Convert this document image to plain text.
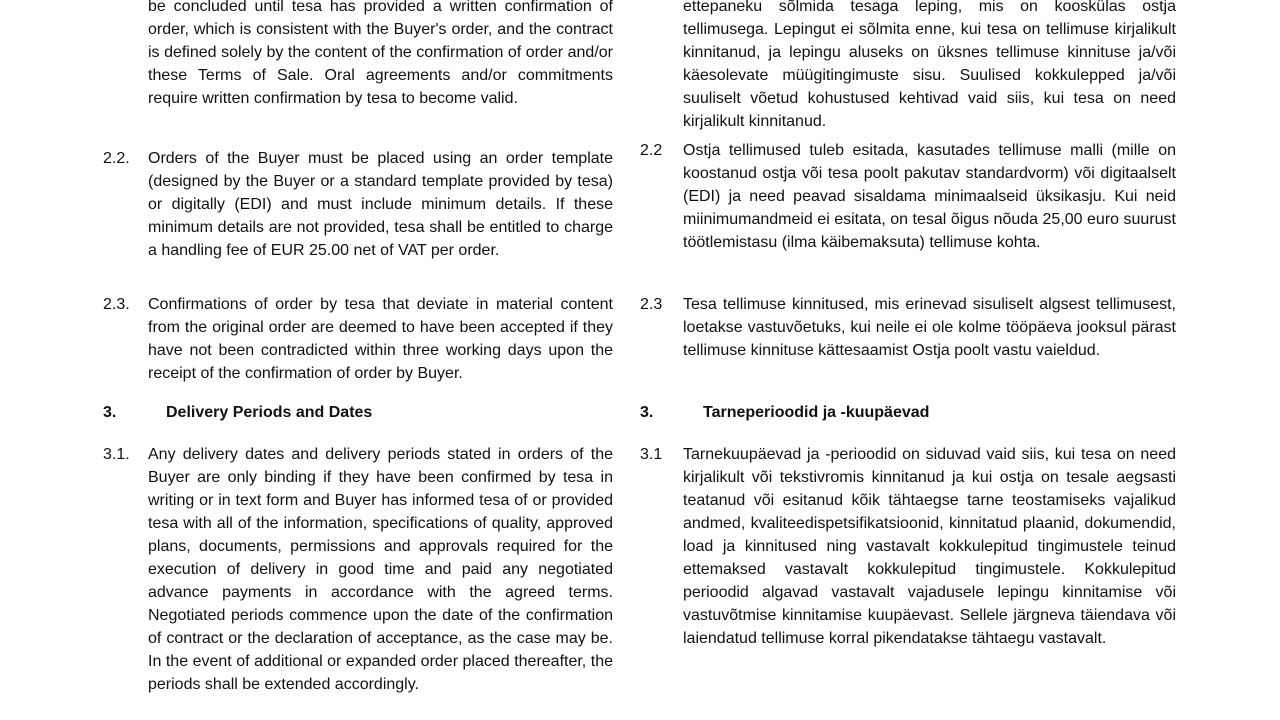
be concluded until tesa has provided a written confirmation of order, which is consistent with the Buyer's order, and the contract is defined solely by the content of the confirmation of order and/or these Terms of Sale. Oral agreements and/or commitments require written confirmation by tesa to become valid.
2.2.	Orders of the Buyer must be placed using an order template (designed by the Buyer or a standard template provided by tesa) or digitally (EDI) and must include minimum details. If these minimum details are not provided, tesa shall be entitled to charge a handling fee of EUR 25.00 net of VAT per order.
2.3.	Confirmations of order by tesa that deviate in material content from the original order are deemed to have been accepted if they have not been contradicted within three working days upon the receipt of the confirmation of order by Buyer.
3.	Delivery Periods and Dates
3.1.	Any delivery dates and delivery periods stated in orders of the Buyer are only binding if they have been confirmed by tesa in writing or in text form and Buyer has informed tesa of or provided tesa with all of the information, specifications of quality, approved plans, documents, permissions and approvals required for the execution of delivery in good time and paid any negotiated advance payments in accordance with the agreed terms. Negotiated periods commence upon the date of the confirmation of contract or the declaration of acceptance, as the case may be. In the event of additional or expanded order placed thereafter, the periods shall be extended accordingly.
ettepaneku sõlmida tesaga leping, mis on kooskülas ostja tellimusega. Lepingut ei sõlmita enne, kui tesa on tellimuse kirjalikult kinnitanud, ja lepingu aluseks on üksnes tellimuse kinnituse ja/või käesolevate müügitingimuste sisu. Suulised kokkulepped ja/või suuliselt võetud kohustused kehtivad vaid siis, kui tesa on need kirjalikult kinnitanud.
2.2	Ostja tellimused tuleb esitada, kasutades tellimuse malli (mille on koostanud ostja või tesa poolt pakutav standardvorm) või digitaalselt (EDI) ja need peavad sisaldama minimaalseid üksikasju. Kui neid miinimumandmeid ei esitata, on tesal õigus nõuda 25,00 euro suurust töötlemistasu (ilma käibemaksuta) tellimuse kohta.
2.3	Tesa tellimuse kinnitused, mis erinevad sisuliselt algsest tellimusest, loetakse vastuvõetuks, kui neile ei ole kolme tööpäeva jooksul pärast tellimuse kinnituse kättesaamist Ostja poolt vastu vaieldud.
3.	Tarneperioodid ja -kuupäevad
3.1	Tarnekuupäevad ja -perioodid on siduvad vaid siis, kui tesa on need kirjalikult või tekstivromis kinnitanud ja kui ostja on tesale aegsasti teatanud või esitanud kõik tähtaegse tarne teostamiseks vajalikud andmed, kvaliteedispetsifikatsioonid, kinnitatud plaanid, dokumendid, load ja kinnitused ning vastavalt kokkulepitud tingimustele teinud ettemaksed vastavalt kokkulepitud tingimustele. Kokkulepitud perioodid algavad vastavalt vajadusele lepingu kinnitamise või vastuvõtmise kinnitamise kuupäevast. Sellele järgneva täiendava või laiendatud tellimuse korral pikendatakse tähtaegu vastavalt.
